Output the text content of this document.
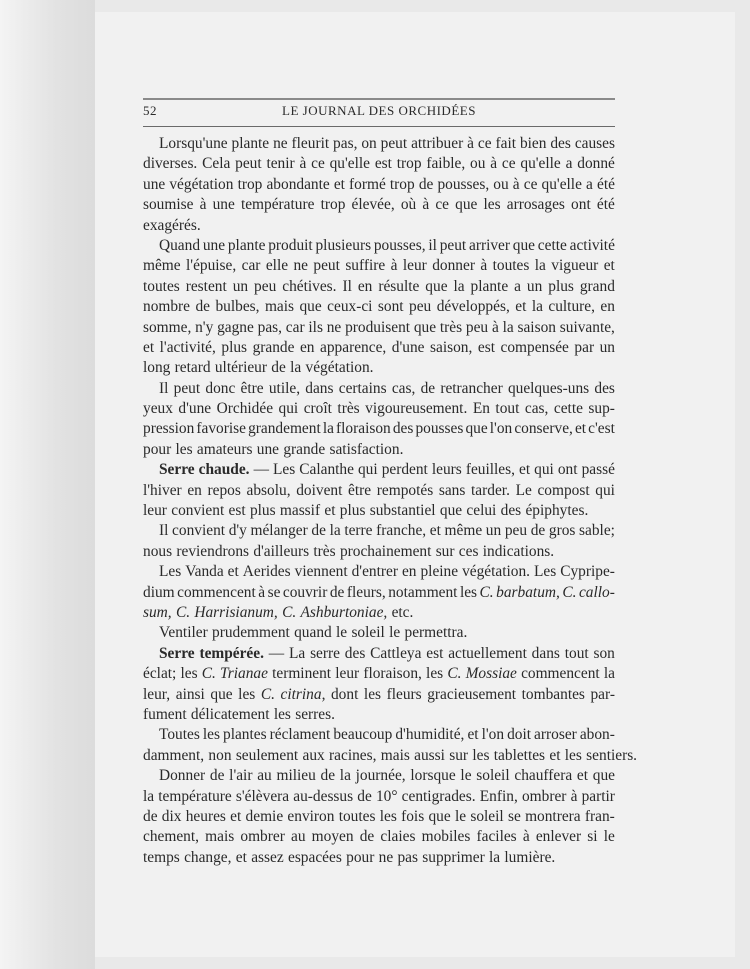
52	LE JOURNAL DES ORCHIDÉES
Lorsqu'une plante ne fleurit pas, on peut attribuer à ce fait bien des causes
diverses. Cela peut tenir à ce qu'elle est trop faible, ou à ce qu'elle a donné
une végétation trop abondante et formé trop de pousses, ou à ce qu'elle a été
soumise à une température trop élevée, où à ce que les arrosages ont été
exagérés.
Quand une plante produit plusieurs pousses, il peut arriver que cette activité
même l'épuise, car elle ne peut suffire à leur donner à toutes la vigueur et
toutes restent un peu chétives. Il en résulte que la plante a un plus grand
nombre de bulbes, mais que ceux-ci sont peu développés, et la culture, en
somme, n'y gagne pas, car ils ne produisent que très peu à la saison suivante,
et l'activité, plus grande en apparence, d'une saison, est compensée par un
long retard ultérieur de la végétation.
Il peut donc être utile, dans certains cas, de retrancher quelques-uns des
yeux d'une Orchidée qui croît très vigoureusement. En tout cas, cette sup-
pression favorise grandement la floraison des pousses que l'on conserve, et c'est
pour les amateurs une grande satisfaction.
Serre chaude. — Les Calanthe qui perdent leurs feuilles, et qui ont passé
l'hiver en repos absolu, doivent être rempotés sans tarder. Le compost qui
leur convient est plus massif et plus substantiel que celui des épiphytes.
Il convient d'y mélanger de la terre franche, et même un peu de gros sable;
nous reviendrons d'ailleurs très prochainement sur ces indications.
Les Vanda et Aerides viennent d'entrer en pleine végétation. Les Cypripe-
dium commencent à se couvrir de fleurs, notamment les C. barbatum, C. callo-
sum, C. Harrisianum, C. Ashburtoniae, etc.
Ventiler prudemment quand le soleil le permettra.
Serre tempérée. — La serre des Cattleya est actuellement dans tout son
éclat; les C. Trianae terminent leur floraison, les C. Mossiae commencent la
leur, ainsi que les C. citrina, dont les fleurs gracieusement tombantes par-
fument délicatement les serres.
Toutes les plantes réclament beaucoup d'humidité, et l'on doit arroser abon-
damment, non seulement aux racines, mais aussi sur les tablettes et les sentiers.
Donner de l'air au milieu de la journée, lorsque le soleil chauffera et que
la température s'élèvera au-dessus de 10° centigrades. Enfin, ombrer à partir
de dix heures et demie environ toutes les fois que le soleil se montrera fran-
chement, mais ombrer au moyen de claies mobiles faciles à enlever si le
temps change, et assez espacées pour ne pas supprimer la lumière.
